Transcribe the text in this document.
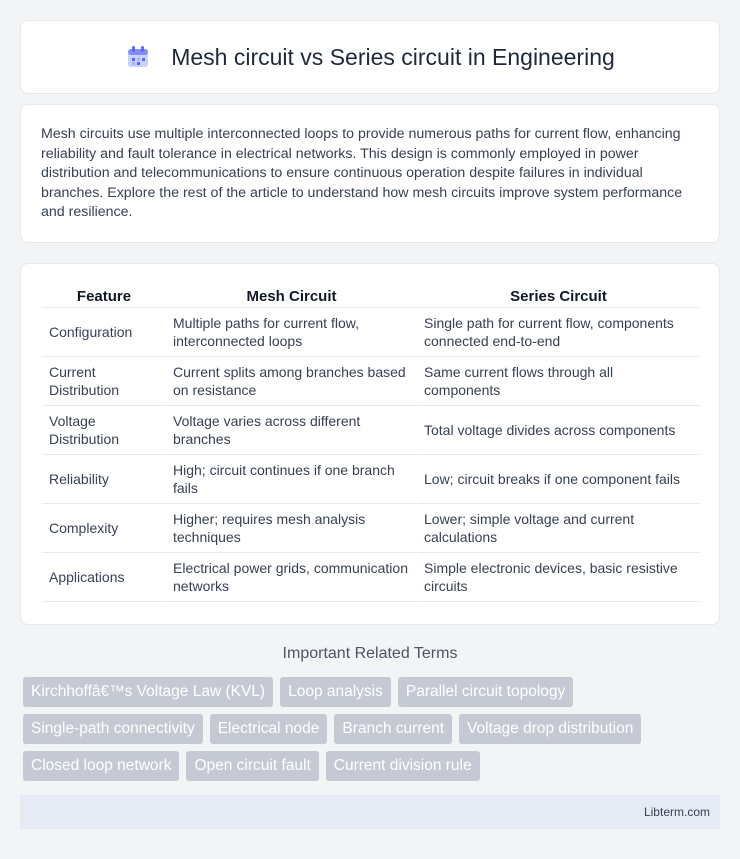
Mesh circuit vs Series circuit in Engineering

Mesh circuits use multiple interconnected loops to provide numerous paths for current flow, enhancing reliability and fault tolerance in electrical networks. This design is commonly employed in power distribution and telecommunications to ensure continuous operation despite failures in individual branches. Explore the rest of the article to understand how mesh circuits improve system performance and resilience.

Feature	Mesh Circuit	Series Circuit
Configuration	Multiple paths for current flow, interconnected loops	Single path for current flow, components connected end-to-end
Current Distribution	Current splits among branches based on resistance	Same current flows through all components
Voltage Distribution	Voltage varies across different branches	Total voltage divides across components
Reliability	High; circuit continues if one branch fails	Low; circuit breaks if one component fails
Complexity	Higher; requires mesh analysis techniques	Lower; simple voltage and current calculations
Applications	Electrical power grids, communication networks	Simple electronic devices, basic resistive circuits
Important Related Terms
Kirchhoffâ€™s Voltage Law (KVL)	Loop analysis	Parallel circuit topology
Single-path connectivity	Electrical node	Branch current	Voltage drop distribution
Closed loop network	Open circuit fault	Current division rule
Libterm.com
